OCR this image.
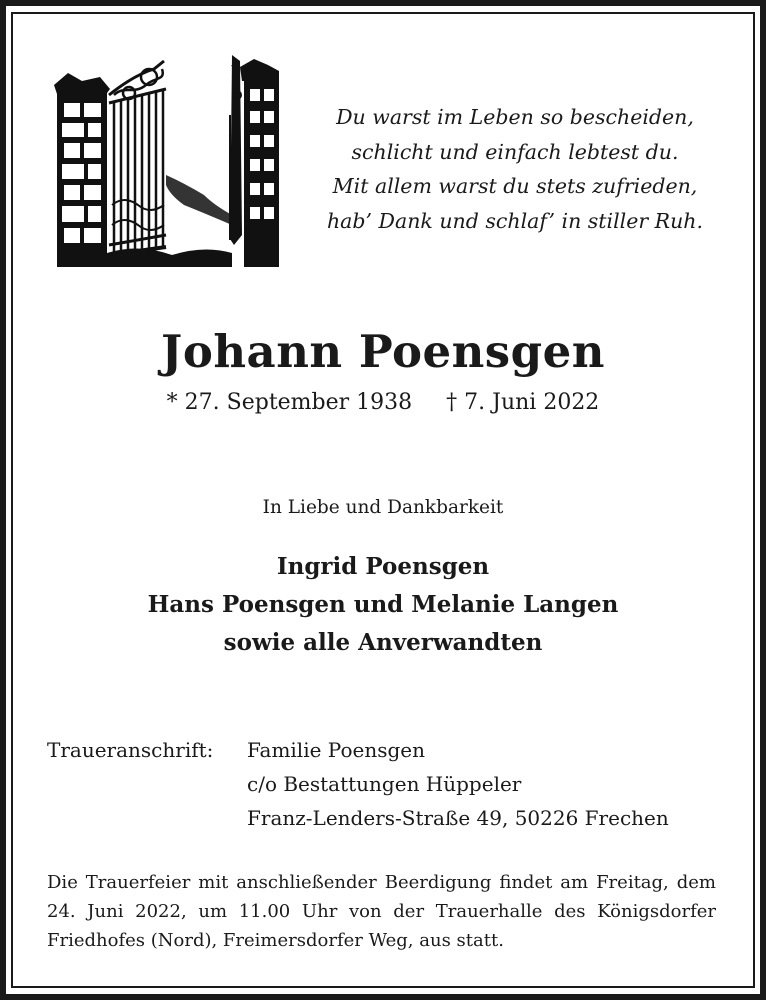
Du warst im Leben so bescheiden,
schlicht und einfach lebtest du.
Mit allem warst du stets zufrieden,
hab’ Dank und schlaf’ in stiller Ruh.
Johann Poensgen
* 27. September 1938 † 7. Juni 2022
In Liebe und Dankbarkeit
Ingrid Poensgen
Hans Poensgen und Melanie Langen
sowie alle Anverwandten
Traueranschrift: Familie Poensgen
c/o Bestattungen Hüppeler
Franz-Lenders-Straße 49, 50226 Frechen
Die Trauerfeier mit anschließender Beerdigung findet am Freitag, dem 24. Juni 2022, um 11.00 Uhr von der Trauerhalle des Königsdorfer Friedhofes (Nord), Freimersdorfer Weg, aus statt.
